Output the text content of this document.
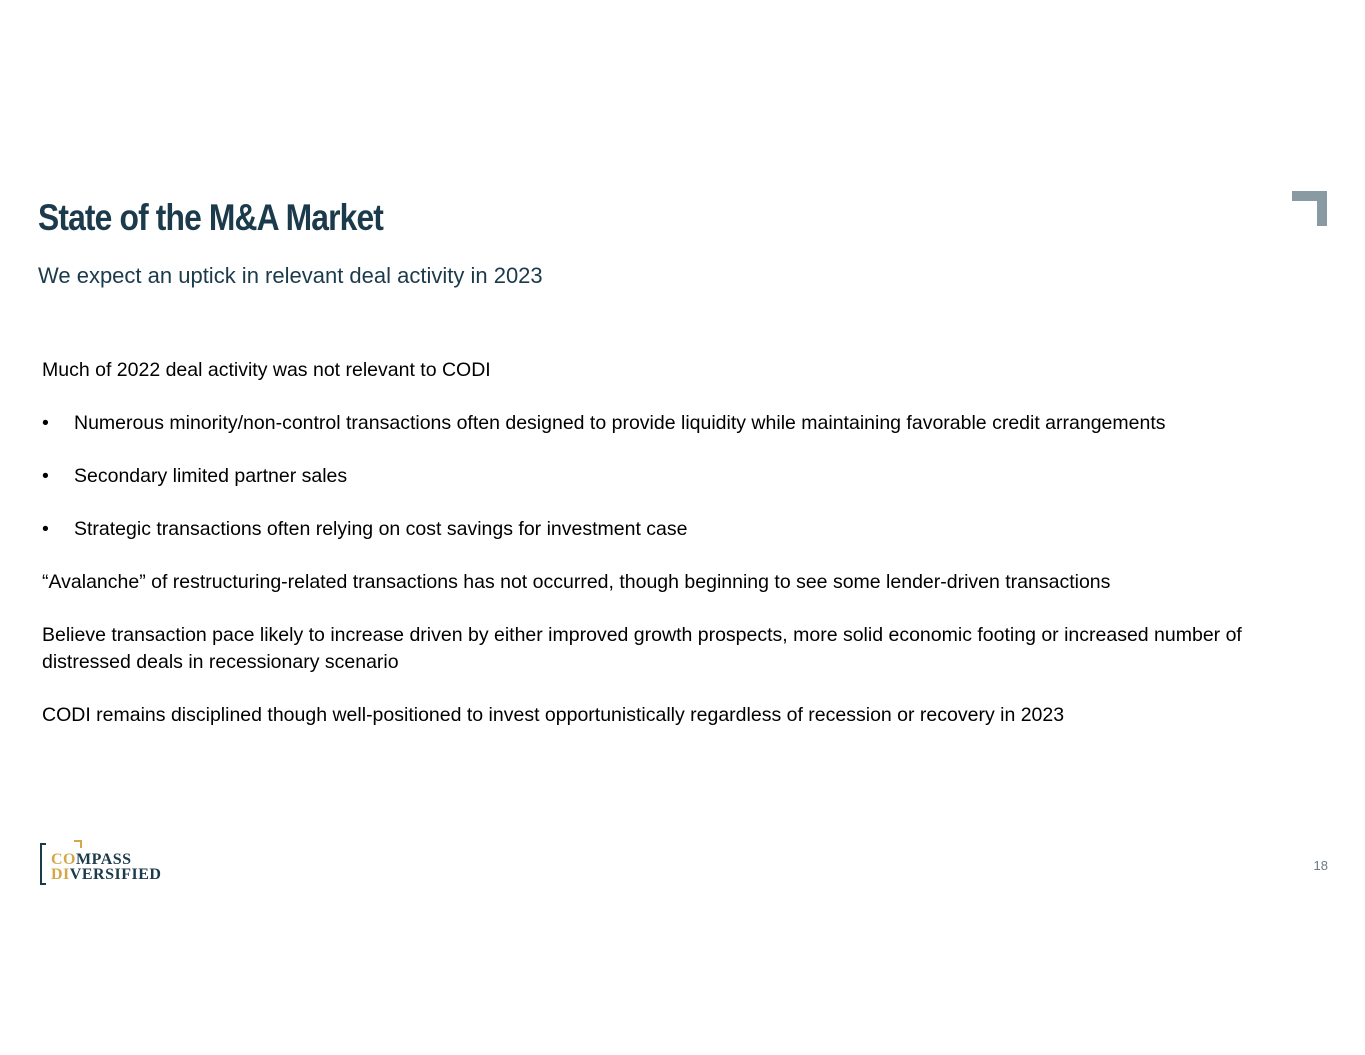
State of the M&A Market
We expect an uptick in relevant deal activity in 2023

Much of 2022 deal activity was not relevant to CODI

• Numerous minority/non-control transactions often designed to provide liquidity while maintaining favorable credit arrangements
• Secondary limited partner sales
• Strategic transactions often relying on cost savings for investment case

“Avalanche” of restructuring-related transactions has not occurred, though beginning to see some lender-driven transactions

Believe transaction pace likely to increase driven by either improved growth prospects, more solid economic footing or increased number of distressed deals in recessionary scenario

CODI remains disciplined though well-positioned to invest opportunistically regardless of recession or recovery in 2023

COMPASS
DIVERSIFIED
18
